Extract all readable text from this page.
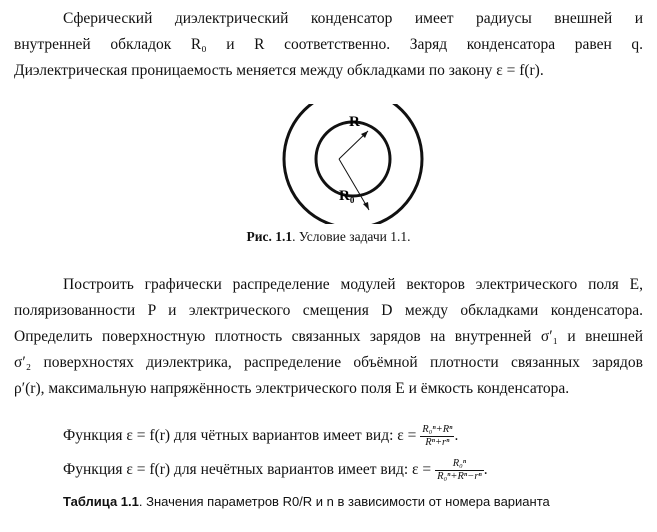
Сферический диэлектрический конденсатор имеет радиусы внешней и
внутренней обкладок R₀ и R соответственно. Заряд конденсатора равен q.
Диэлектрическая проницаемость меняется между обкладками по закону ε = f(r).
R
R₀
Рис. 1.1. Условие задачи 1.1.
Построить графически распределение модулей векторов электрического поля E,
поляризованности P и электрического смещения D между обкладками конденсатора.
Определить поверхностную плотность связанных зарядов на внутренней σ′₁ и внешней
σ′₂ поверхностях диэлектрика, распределение объёмной плотности связанных зарядов
ρ′(r), максимальную напряжённость электрического поля E и ёмкость конденсатора.
Функция ε = f(r) для чётных вариантов имеет вид: $\varepsilon = \frac{\text{R₀ⁿ+Rⁿ}}{\text{Rⁿ+rⁿ}}$ .
Функция ε = f(r) для нечётных вариантов имеет вид: $\varepsilon = \frac{\text{R₀ⁿ}}{\text{R₀ⁿ+Rⁿ−rⁿ}}$ .
Таблица 1.1. Значения параметров R0/R и n в зависимости от номера варианта
